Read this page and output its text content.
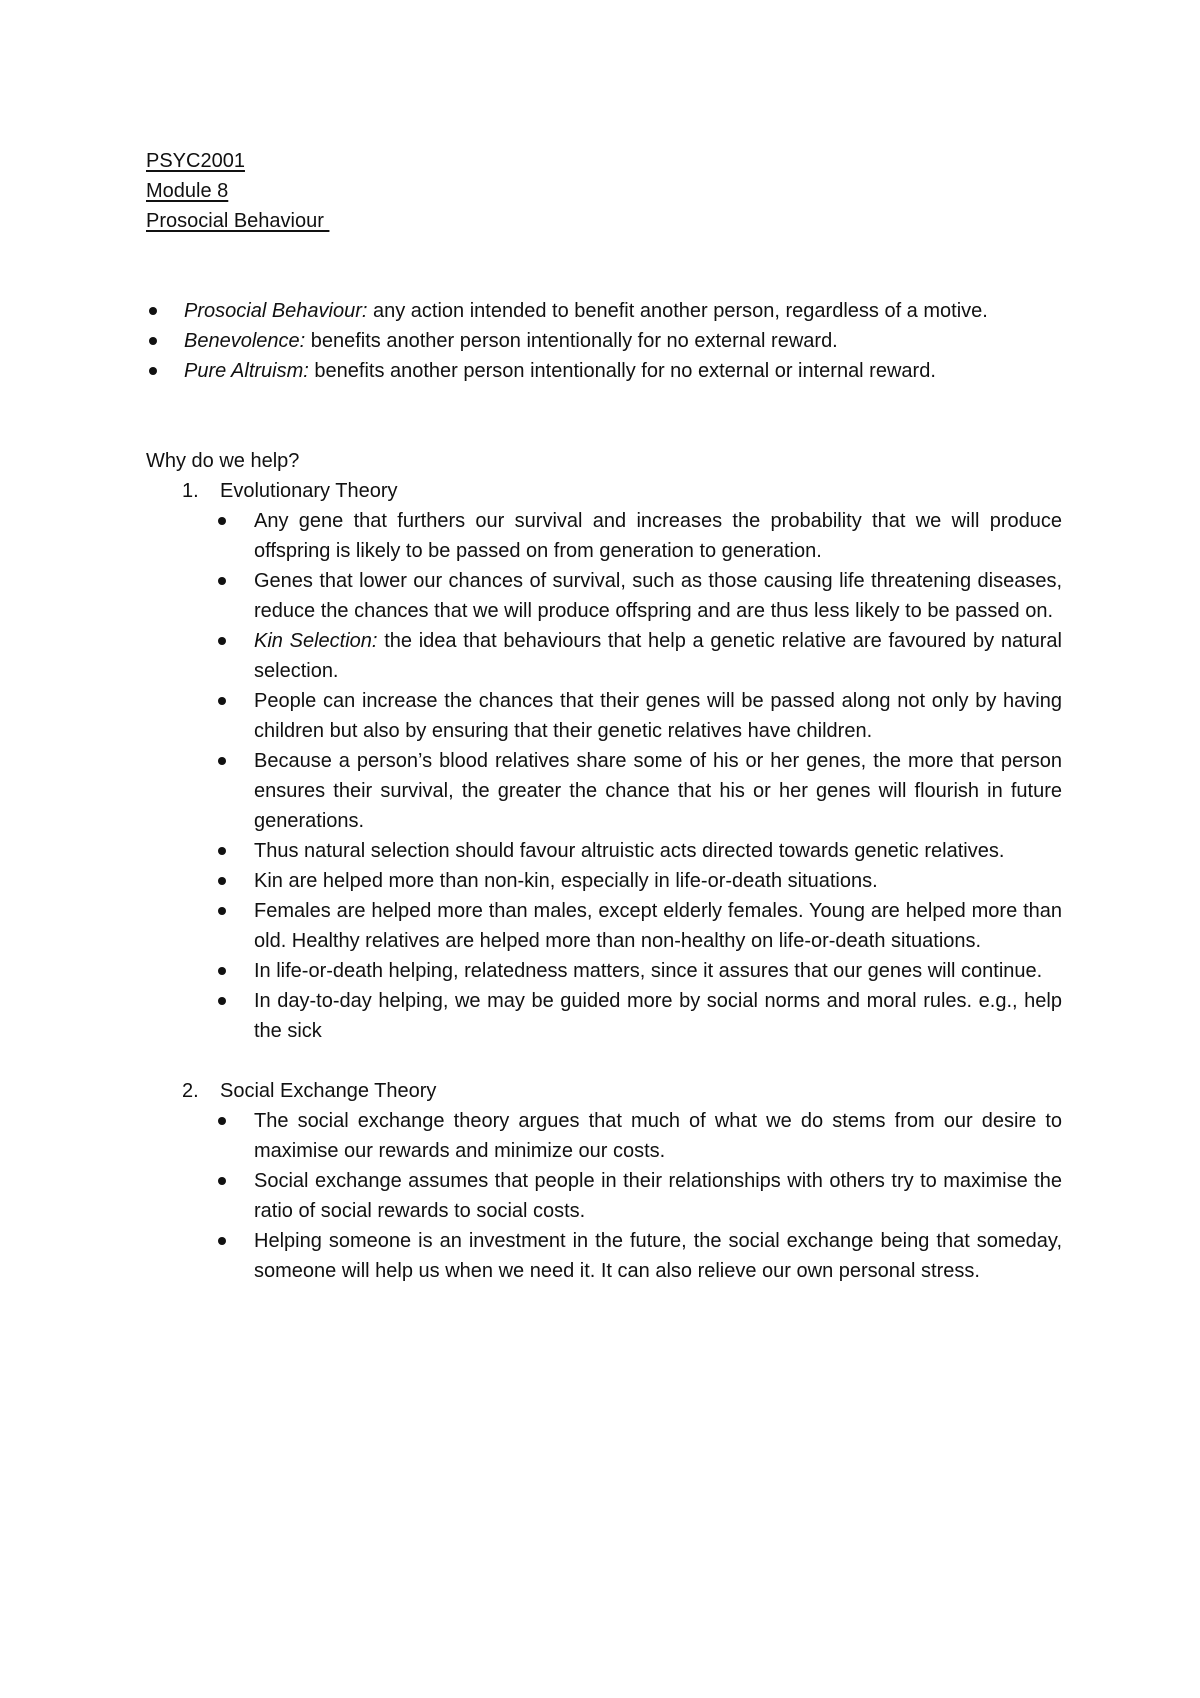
PSYC2001
Module 8
Prosocial Behaviour
Prosocial Behaviour: any action intended to benefit another person, regardless of a motive.
Benevolence: benefits another person intentionally for no external reward.
Pure Altruism: benefits another person intentionally for no external or internal reward.
Why do we help?
1. Evolutionary Theory
Any gene that furthers our survival and increases the probability that we will produce offspring is likely to be passed on from generation to generation.
Genes that lower our chances of survival, such as those causing life threatening diseases, reduce the chances that we will produce offspring and are thus less likely to be passed on.
Kin Selection: the idea that behaviours that help a genetic relative are favoured by natural selection.
People can increase the chances that their genes will be passed along not only by having children but also by ensuring that their genetic relatives have children.
Because a person’s blood relatives share some of his or her genes, the more that person ensures their survival, the greater the chance that his or her genes will flourish in future generations.
Thus natural selection should favour altruistic acts directed towards genetic relatives.
Kin are helped more than non-kin, especially in life-or-death situations.
Females are helped more than males, except elderly females. Young are helped more than old. Healthy relatives are helped more than non-healthy on life-or-death situations.
In life-or-death helping, relatedness matters, since it assures that our genes will continue.
In day-to-day helping, we may be guided more by social norms and moral rules. e.g., help the sick
2. Social Exchange Theory
The social exchange theory argues that much of what we do stems from our desire to maximise our rewards and minimize our costs.
Social exchange assumes that people in their relationships with others try to maximise the ratio of social rewards to social costs.
Helping someone is an investment in the future, the social exchange being that someday, someone will help us when we need it. It can also relieve our own personal stress.
